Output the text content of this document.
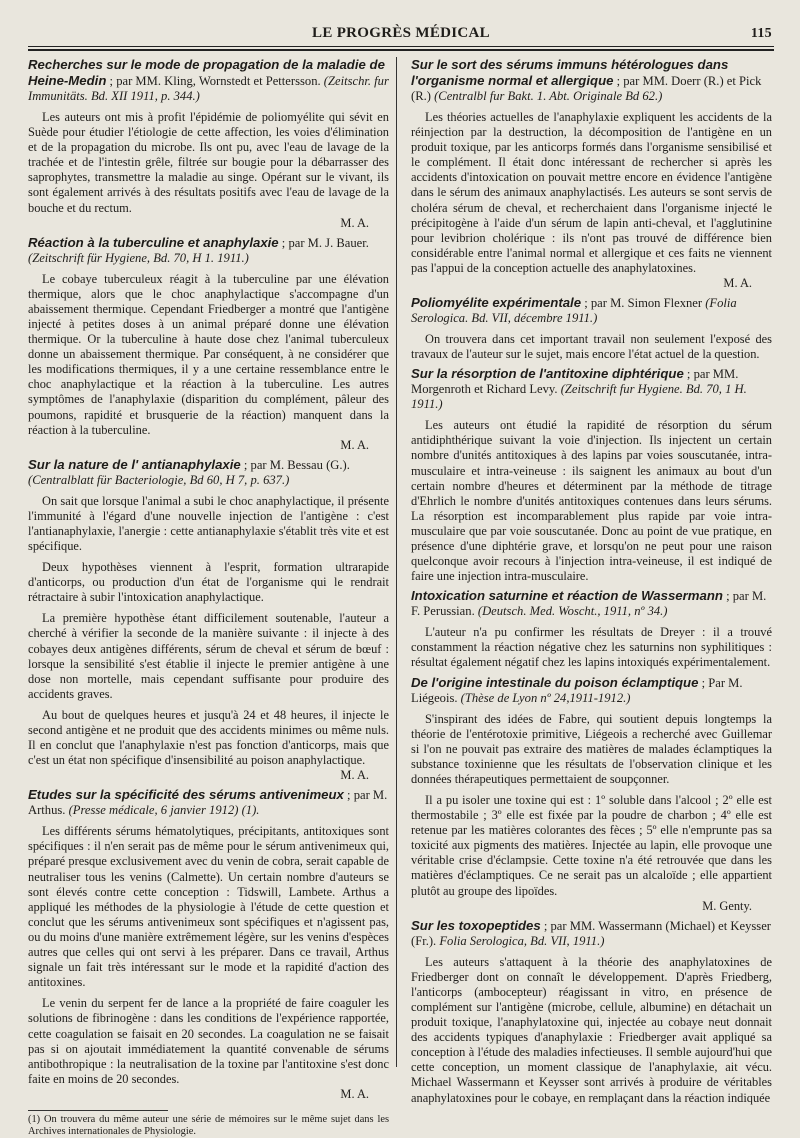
LE PROGRÈS MÉDICAL	115
Recherches sur le mode de propagation de la maladie de Heine-Medin ; par MM. Kling, Wornstedt et Pettersson. (Zeitschr. fur Immunitäts. Bd. XII 1911, p. 344.)

Les auteurs ont mis à profit l'épidémie de poliomyélite qui sévit en Suède pour étudier l'étiologie de cette affection, les voies d'élimination et de la propagation du microbe. Ils ont pu, avec l'eau de lavage de la trachée et de l'intestin grêle, filtrée sur bougie pour la débarrasser des saprophytes, transmettre la maladie au singe. Opérant sur le vivant, ils sont également arrivés à des résultats positifs avec l'eau de lavage de la bouche et du rectum.

M. A.
Réaction à la tuberculine et anaphylaxie ; par M. J. Bauer. (Zeitschrift für Hygiene, Bd. 70, H 1. 1911.)

Le cobaye tuberculeux réagit à la tuberculine par une élévation thermique, alors que le choc anaphylactique s'accompagne d'un abaissement thermique. Cependant Friedberger a montré que l'antigène injecté à petites doses à un animal préparé donne une élévation thermique. Or la tuberculine à haute dose chez l'animal tuberculeux donne un abaissement thermique. Par conséquent, à ne considérer que les modifications thermiques, il y a une certaine ressemblance entre le choc anaphylactique et la réaction à la tuberculine. Les autres symptômes de l'anaphylaxie (disparition du complément, pâleur des poumons, rapidité et brusquerie de la réaction) manquent dans la réaction à la tuberculine.

M. A.
Sur la nature de l' antianaphylaxie ; par M. Bessau (G.). (Centralblatt für Bacteriologie, Bd 60, H 7, p. 637.)

On sait que lorsque l'animal a subi le choc anaphylactique, il présente l'immunité à l'égard d'une nouvelle injection de l'antigène : c'est l'antianaphylaxie, l'anergie : cette antianaphylaxie s'établit très vite et est spécifique.

Deux hypothèses viennent à l'esprit, formation ultrarapide d'anticorps, ou production d'un état de l'organisme qui le rendrait rétractaire à subir l'intoxication anaphylactique.

La première hypothèse étant difficilement soutenable, l'auteur a cherché à vérifier la seconde de la manière suivante : il injecte à des cobayes deux antigènes différents, sérum de cheval et sérum de bœuf : lorsque la sensibilité s'est établie il injecte le premier antigène à une dose non mortelle, mais cependant suffisante pour produire des accidents graves.

Au bout de quelques heures et jusqu'à 24 et 48 heures, il injecte le second antigène et ne produit que des accidents minimes ou même nuls. Il en conclut que l'anaphylaxie n'est pas fonction d'anticorps, mais que c'est un état non spécifique d'insensibilité au poison anaphylactique.

M. A.
Etudes sur la spécificité des sérums antivenimeux ; par M. Arthus. (Presse médicale, 6 janvier 1912) (1).

Les différents sérums hématolytiques, précipitants, antitoxiques sont spécifiques : il n'en serait pas de même pour le sérum antivenimeux qui, préparé presque exclusivement avec du venin de cobra, serait capable de neutraliser tous les venins (Calmette). Un certain nombre d'auteurs se sont élevés contre cette conception : Tidswill, Lambete. Arthus a appliqué les méthodes de la physiologie à l'étude de cette question et conclut que les sérums antivenimeux sont spécifiques et n'agissent pas, ou du moins d'une manière extrêmement légère, sur les venins d'espèces autres que celles qui ont servi à les préparer. Dans ce travail, Arthus signale un fait très intéressant sur le mode et la rapidité d'action des antitoxines.

Le venin du serpent fer de lance a la propriété de faire coaguler les solutions de fibrinogène : dans les conditions de l'expérience rapportée, cette coagulation se faisait en 20 secondes. La coagulation ne se faisait pas si on ajoutait immédiatement la quantité convenable de sérums antibothropique : la neutralisation de la toxine par l'antitoxine s'est donc faite en moins de 20 secondes.

M. A.
(1) On trouvera du même auteur une série de mémoires sur le même sujet dans les Archives internationales de Physiologie.
Sur le sort des sérums immuns hétérologues dans l'organisme normal et allergique ; par MM. Doerr (R.) et Pick (R.) (Centralbl fur Bakt. 1. Abt. Originale Bd 62.)

Les théories actuelles de l'anaphylaxie expliquent les accidents de la réinjection par la destruction, la décomposition de l'antigène en un produit toxique, par les anticorps formés dans l'organisme sensibilisé et le complément. Il était donc intéressant de rechercher si après les accidents d'intoxication on pouvait mettre encore en évidence l'antigène dans le sérum des animaux anaphylactisés. Les auteurs se sont servis de choléra sérum de cheval, et recherchaient dans l'organisme injecté le précipitogène à l'aide d'un sérum de lapin anti-cheval, et l'agglutinine pour levibrion cholérique : ils n'ont pas trouvé de différence bien considérable entre l'animal normal et allergique et ces faits ne viennent pas l'appui de la conception actuelle des anaphylatoxines.

M. A.
Poliomyélite expérimentale ; par M. Simon Flexner (Folia Serologica. Bd. VII, décembre 1911.)

On trouvera dans cet important travail non seulement l'exposé des travaux de l'auteur sur le sujet, mais encore l'état actuel de la question.

Sur la résorption de l'antitoxine diphtérique ; par MM. Morgenroth et Richard Levy. (Zeitschrift fur Hygiene. Bd. 70, 1 H. 1911.)

Les auteurs ont étudié la rapidité de résorption du sérum antidiphthérique suivant la voie d'injection. Ils injectent un certain nombre d'unités antitoxiques à des lapins par voies souscutanée, intra-musculaire et intra-veineuse : ils saignent les animaux au bout d'un certain nombre d'heures et déterminent par la méthode de titrage d'Ehrlich le nombre d'unités antitoxiques contenues dans leurs sérums. La résorption est incomparablement plus rapide par voie intra-musculaire que par voie souscutanée. Donc au point de vue pratique, en présence d'une diphtérie grave, et lorsqu'on ne peut pour une raison quelconque avoir recours à l'injection intra-veineuse, il est indiqué de faire une injection intra-musculaire.

Intoxication saturnine et réaction de Wassermann ; par M. F. Perussian. (Deutsch. Med. Woscht., 1911, nº 34.)

L'auteur n'a pu confirmer les résultats de Dreyer : il a trouvé constamment la réaction négative chez les saturnins non syphilitiques : résultat également négatif chez les lapins intoxiqués expérimentalement.

De l'origine intestinale du poison éclamptique ; Par M. Liégeois. (Thèse de Lyon nº 24,1911-1912.)

S'inspirant des idées de Fabre, qui soutient depuis longtemps la théorie de l'entérotoxie primitive, Liégeois a recherché avec Guillemar si l'on ne pouvait pas extraire des matières de malades éclamptiques la substance toxinienne que les résultats de l'observation clinique et les données thérapeutiques permettaient de soupçonner.

Il a pu isoler une toxine qui est : 1º soluble dans l'alcool ; 2º elle est thermostabile ; 3º elle est fixée par la poudre de charbon ; 4º elle est retenue par les matières colorantes des fèces ; 5º elle n'emprunte pas sa toxicité aux pigments des matières. Injectée au lapin, elle provoque une véritable crise d'éclampsie. Cette toxine n'a été retrouvée que dans les matières d'éclamptiques. Ce ne serait pas un alcaloïde ; elle appartient plutôt au groupe des lipoïdes.

M. Genty.
Sur les toxopeptides ; par MM. Wassermann (Michael) et Keysser (Fr.). Folia Serologica, Bd. VII, 1911.)

Les auteurs s'attaquent à la théorie des anaphylatoxines de Friedberger dont on connaît le développement. D'après Friedberg, l'anticorps (ambocepteur) réagissant in vitro, en présence de complément sur l'antigène (microbe, cellule, albumine) en détachait un produit toxique, l'anaphylatoxine qui, injectée au cobaye neut donnait des accidents typiques d'anaphylaxie : Friedberger avait appliqué sa conception à l'étude des maladies infectieuses. Il semble aujourd'hui que cette conception, un moment classique de l'anaphylaxie, ait vécu. Michael Wassermann et Keysser sont arrivés à produire de véritables anaphylatoxines pour le cobaye, en remplaçant dans la réaction indiquée
